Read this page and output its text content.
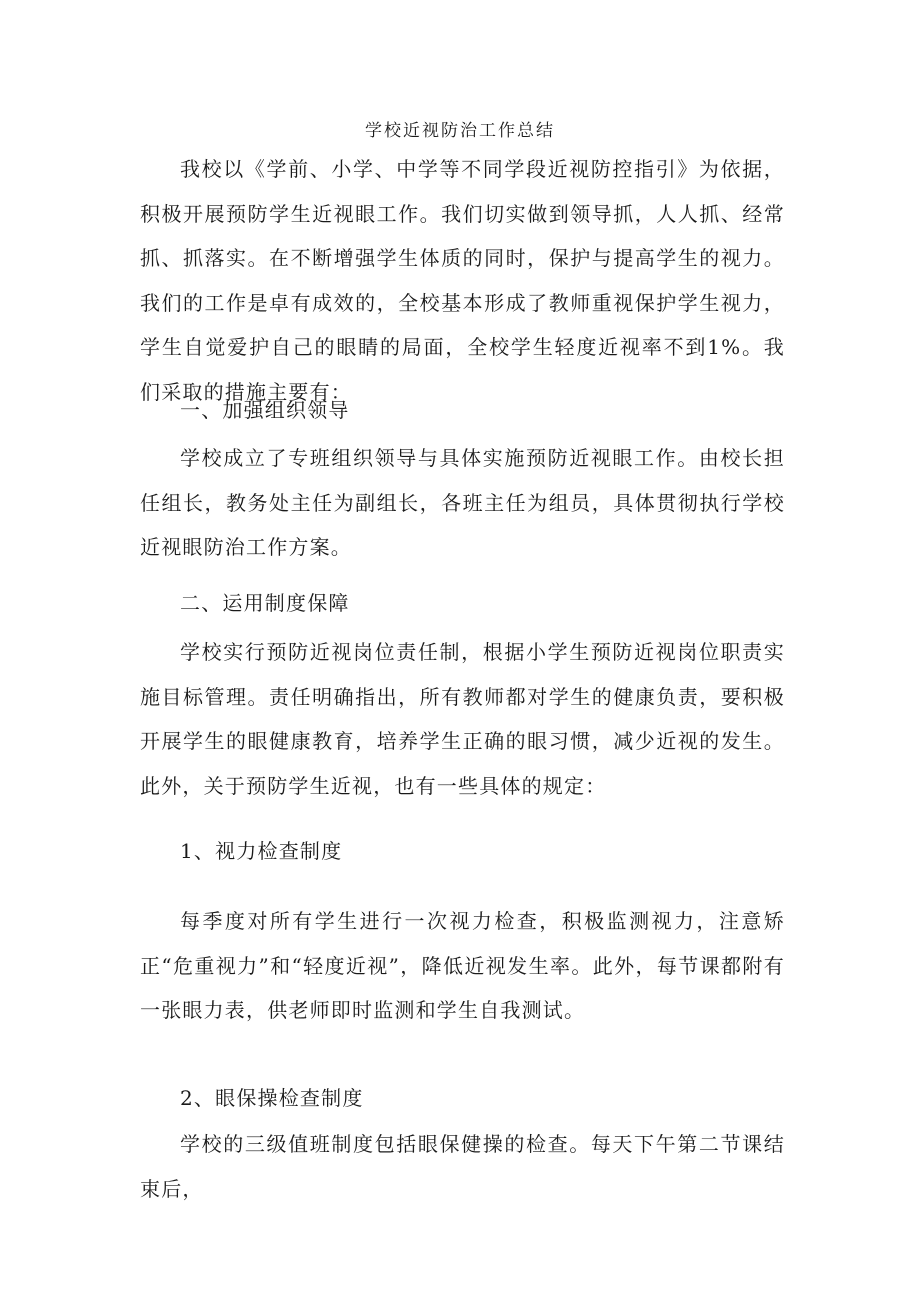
学校近视防治工作总结

我校以《学前、小学、中学等不同学段近视防控指引》为依据，积极开展预防学生近视眼工作。我们切实做到领导抓，人人抓、经常抓、抓落实。在不断增强学生体质的同时，保护与提高学生的视力。我们的工作是卓有成效的，全校基本形成了教师重视保护学生视力，学生自觉爱护自己的眼睛的局面，全校学生轻度近视率不到1%。我们采取的措施主要有：

一、加强组织领导

学校成立了专班组织领导与具体实施预防近视眼工作。由校长担任组长，教务处主任为副组长，各班主任为组员，具体贯彻执行学校近视眼防治工作方案。

二、运用制度保障

学校实行预防近视岗位责任制，根据小学生预防近视岗位职责实施目标管理。责任明确指出，所有教师都对学生的健康负责，要积极开展学生的眼健康教育，培养学生正确的眼习惯，减少近视的发生。此外，关于预防学生近视，也有一些具体的规定：

1、视力检查制度

每季度对所有学生进行一次视力检查，积极监测视力，注意矫正“危重视力”和“轻度近视”，降低近视发生率。此外，每节课都附有一张眼力表，供老师即时监测和学生自我测试。

2、眼保操检查制度

学校的三级值班制度包括眼保健操的检查。每天下午第二节课结束后，
